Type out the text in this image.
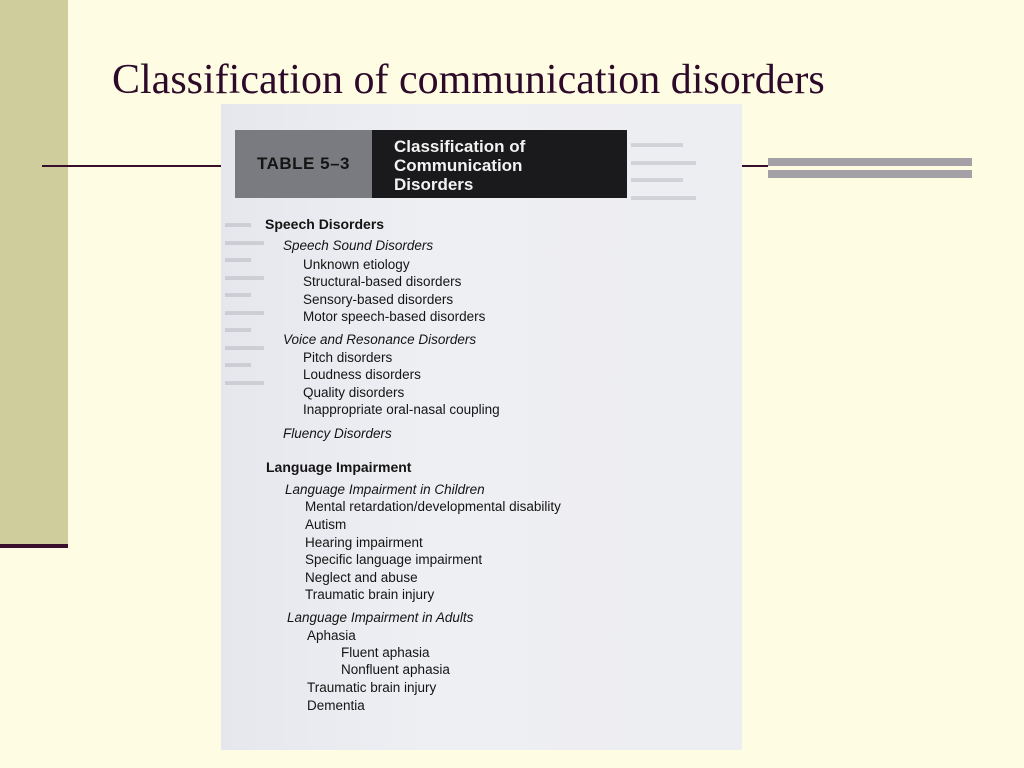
Classification of communication disorders
▬▬
▬▬▬
▬▬
▬▬▬
▬▬
▬▬▬
▬▬
▬▬▬
▬▬
▬▬▬
▬▬▬▬
▬▬▬▬▬
▬▬▬▬
▬▬▬▬▬
TABLE 5–3
Classification of
Communication
Disorders
Speech Disorders
Speech Sound Disorders
Unknown etiology
Structural-based disorders
Sensory-based disorders
Motor speech-based disorders
Voice and Resonance Disorders
Pitch disorders
Loudness disorders
Quality disorders
Inappropriate oral-nasal coupling
Fluency Disorders
Language Impairment
Language Impairment in Children
Mental retardation/developmental disability
Autism
Hearing impairment
Specific language impairment
Neglect and abuse
Traumatic brain injury
Language Impairment in Adults
Aphasia
Fluent aphasia
Nonfluent aphasia
Traumatic brain injury
Dementia
